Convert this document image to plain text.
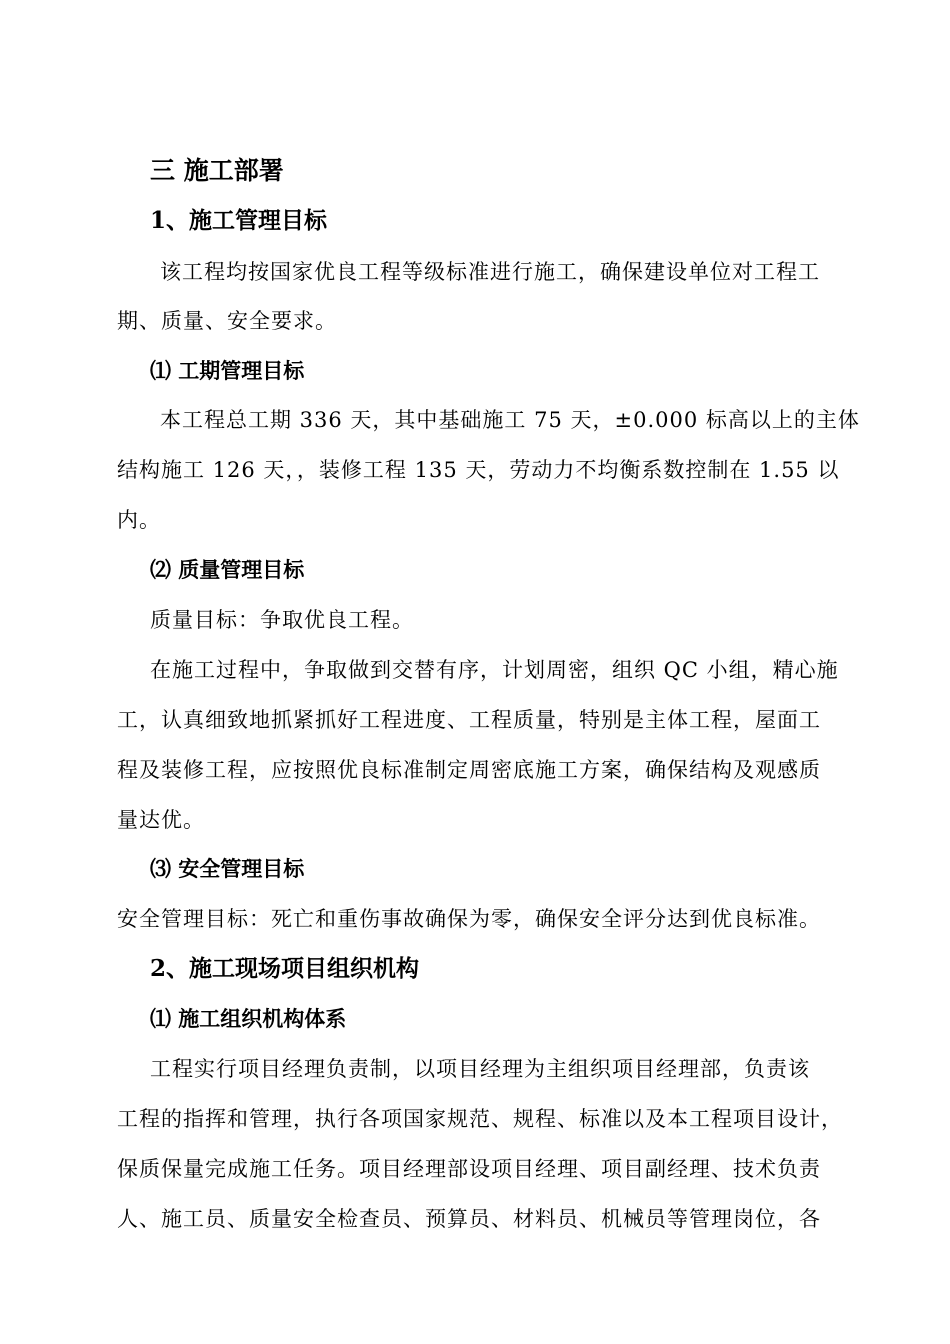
三 施工部署
1、施工管理目标
该工程均按国家优良工程等级标准进行施工，确保建设单位对工程工
期、质量、安全要求。
⑴ 工期管理目标
本工程总工期 336 天，其中基础施工 75 天，±0.000 标高以上的主体
结构施工 126 天，，装修工程 135 天，劳动力不均衡系数控制在 1.55 以
内。
⑵ 质量管理目标
质量目标：争取优良工程。
在施工过程中，争取做到交替有序，计划周密，组织 QC 小组，精心施
工，认真细致地抓紧抓好工程进度、工程质量，特别是主体工程，屋面工
程及装修工程，应按照优良标准制定周密底施工方案，确保结构及观感质
量达优。
⑶ 安全管理目标
安全管理目标：死亡和重伤事故确保为零，确保安全评分达到优良标准。
2、施工现场项目组织机构
⑴ 施工组织机构体系
工程实行项目经理负责制，以项目经理为主组织项目经理部，负责该
工程的指挥和管理，执行各项国家规范、规程、标准以及本工程项目设计，
保质保量完成施工任务。项目经理部设项目经理、项目副经理、技术负责
人、施工员、质量安全检查员、预算员、材料员、机械员等管理岗位，各
